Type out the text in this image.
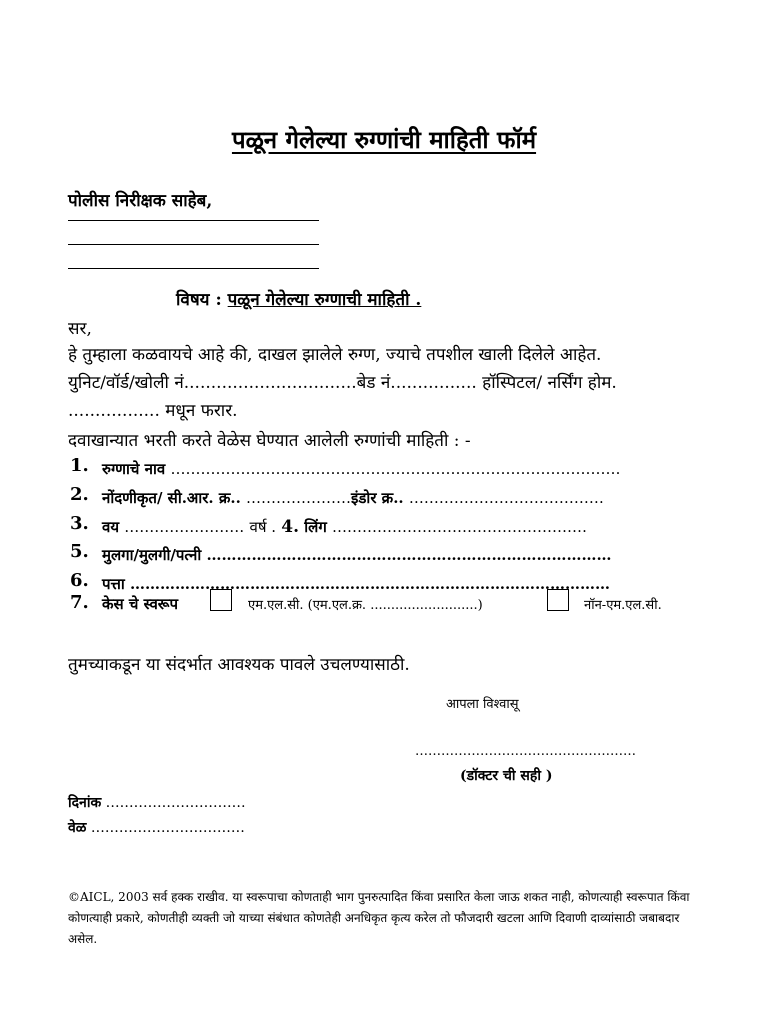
पळून गेलेल्या रुग्णांची माहिती फॉर्म
पोलीस निरीक्षक साहेब,
विषय : पळून गेलेल्या रुग्णाची माहिती .
सर,
हे तुम्हाला कळवायचे आहे की, दाखल झालेले रुग्ण, ज्याचे तपशील खाली दिलेले आहेत.
युनिट/वॉर्ड/खोली नं................................बेड नं................ हॉस्पिटल/ नर्सिंग होम.
................. मधून फरार.
दवाखान्यात भरती करते वेळेस घेण्यात आलेली रुग्णांची माहिती : -
1. रुग्णाचे नाव ………………………………………………………………………………
2. नोंदणीकृत/ सी.आर. क्र.. …………………इंडोर क्र.. …………………………………
3. वय …………………… वर्ष . 4. लिंग ……………………………………………
5. मुलगा/मुलगी/पत्नी ………………………………………………………………………
6. पत्ता ……………………………………………………………………………………
7. केस चे स्वरूप	एम.एल.सी. (एम.एल.क्र. ..........................)	नॉन-एम.एल.सी.
तुमच्याकडून या संदर्भात आवश्यक पावले उचलण्यासाठी.
आपला विश्वासू
……………………………………………
(डॉक्टर ची सही )
दिनांक …………………………
वेळ ……………………………
©AICL, 2003 सर्व हक्क राखीव. या स्वरूपाचा कोणताही भाग पुनरुत्पादित किंवा प्रसारित केला जाऊ शकत नाही, कोणत्याही स्वरूपात किंवा कोणत्याही प्रकारे, कोणतीही व्यक्ती जो याच्या संबंधात कोणतेही अनधिकृत कृत्य करेल तो फौजदारी खटला आणि दिवाणी दाव्यांसाठी जबाबदार असेल.
